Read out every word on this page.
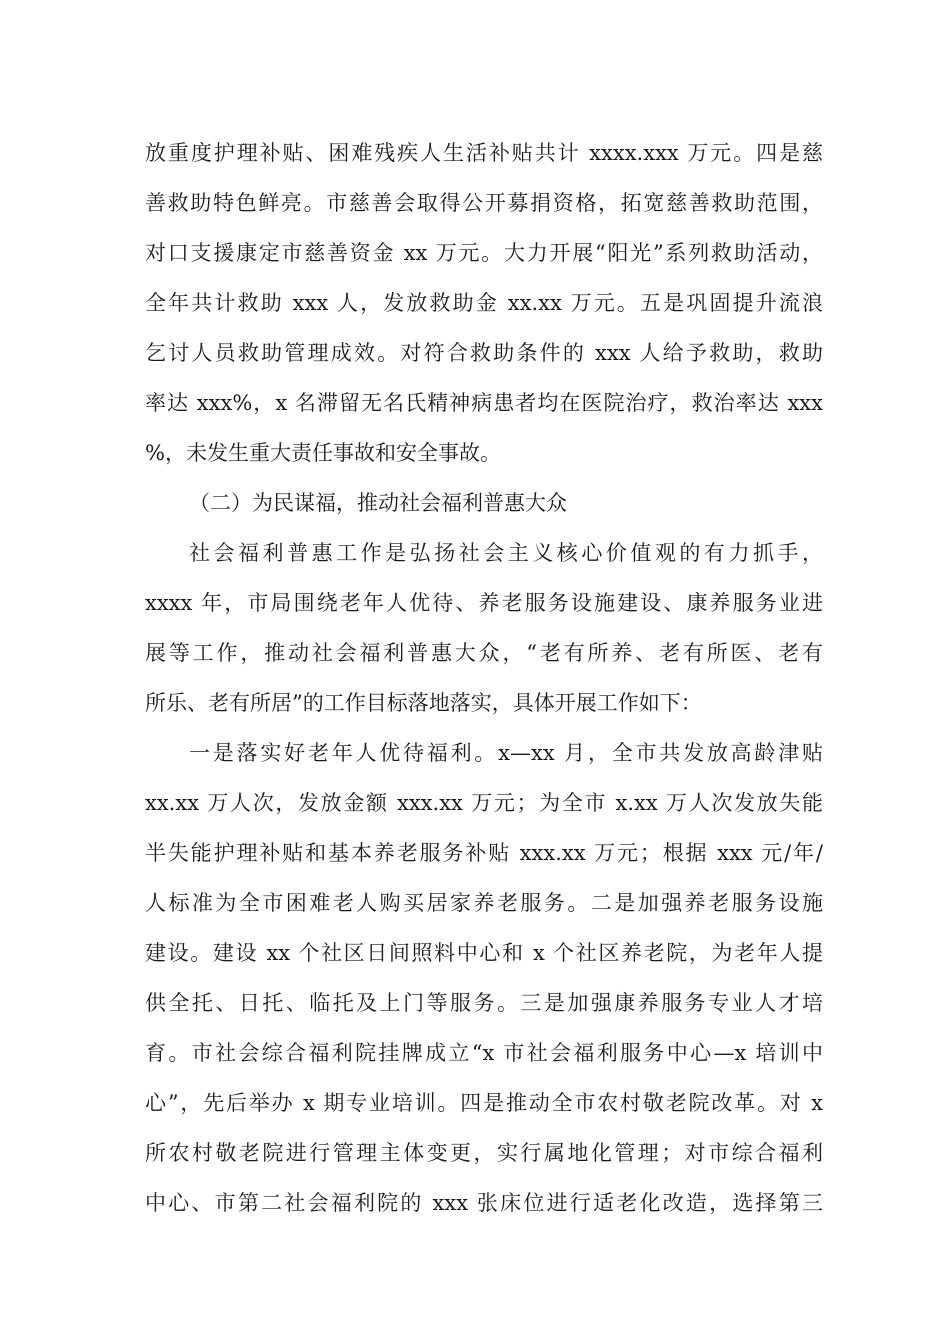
放重度护理补贴、困难残疾人生活补贴共计 xxxx.xxx 万元。四是慈
善救助特色鲜亮。市慈善会取得公开募捐资格，拓宽慈善救助范围，
对口支援康定市慈善资金 xx 万元。大力开展“阳光”系列救助活动，
全年共计救助 xxx 人，发放救助金 xx.xx 万元。五是巩固提升流浪
乞讨人员救助管理成效。对符合救助条件的 xxx 人给予救助，救助
率达 xxx%，x 名滞留无名氏精神病患者均在医院治疗，救治率达 xxx
%，未发生重大责任事故和安全事故。
（二）为民谋福，推动社会福利普惠大众
社会福利普惠工作是弘扬社会主义核心价值观的有力抓手，
xxxx 年，市局围绕老年人优待、养老服务设施建设、康养服务业进
展等工作，推动社会福利普惠大众，“老有所养、老有所医、老有
所乐、老有所居”的工作目标落地落实，具体开展工作如下：
一是落实好老年人优待福利。x—xx 月，全市共发放高龄津贴
xx.xx 万人次，发放金额 xxx.xx 万元；为全市 x.xx 万人次发放失能
半失能护理补贴和基本养老服务补贴 xxx.xx 万元；根据 xxx 元/年/
人标准为全市困难老人购买居家养老服务。二是加强养老服务设施
建设。建设 xx 个社区日间照料中心和 x 个社区养老院，为老年人提
供全托、日托、临托及上门等服务。三是加强康养服务专业人才培
育。市社会综合福利院挂牌成立“x 市社会福利服务中心—x 培训中
心”，先后举办 x 期专业培训。四是推动全市农村敬老院改革。对 x
所农村敬老院进行管理主体变更，实行属地化管理；对市综合福利
中心、市第二社会福利院的 xxx 张床位进行适老化改造，选择第三
